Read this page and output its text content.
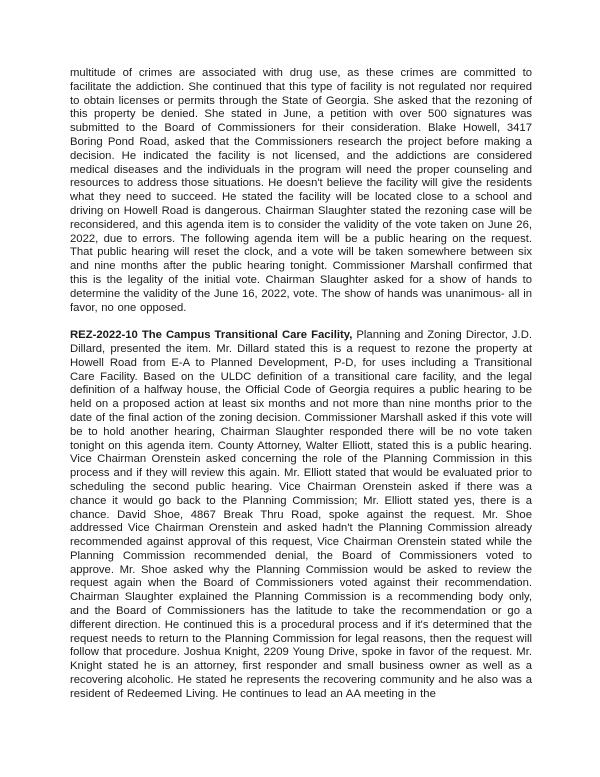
multitude of crimes are associated with drug use, as these crimes are committed to facilitate the addiction. She continued that this type of facility is not regulated nor required to obtain licenses or permits through the State of Georgia. She asked that the rezoning of this property be denied. She stated in June, a petition with over 500 signatures was submitted to the Board of Commissioners for their consideration. Blake Howell, 3417 Boring Pond Road, asked that the Commissioners research the project before making a decision. He indicated the facility is not licensed, and the addictions are considered medical diseases and the individuals in the program will need the proper counseling and resources to address those situations. He doesn't believe the facility will give the residents what they need to succeed. He stated the facility will be located close to a school and driving on Howell Road is dangerous. Chairman Slaughter stated the rezoning case will be reconsidered, and this agenda item is to consider the validity of the vote taken on June 26, 2022, due to errors. The following agenda item will be a public hearing on the request. That public hearing will reset the clock, and a vote will be taken somewhere between six and nine months after the public hearing tonight. Commissioner Marshall confirmed that this is the legality of the initial vote. Chairman Slaughter asked for a show of hands to determine the validity of the June 16, 2022, vote. The show of hands was unanimous- all in favor, no one opposed.

REZ-2022-10 The Campus Transitional Care Facility, Planning and Zoning Director, J.D. Dillard, presented the item. Mr. Dillard stated this is a request to rezone the property at Howell Road from E-A to Planned Development, P-D, for uses including a Transitional Care Facility. Based on the ULDC definition of a transitional care facility, and the legal definition of a halfway house, the Official Code of Georgia requires a public hearing to be held on a proposed action at least six months and not more than nine months prior to the date of the final action of the zoning decision. Commissioner Marshall asked if this vote will be to hold another hearing, Chairman Slaughter responded there will be no vote taken tonight on this agenda item. County Attorney, Walter Elliott, stated this is a public hearing. Vice Chairman Orenstein asked concerning the role of the Planning Commission in this process and if they will review this again. Mr. Elliott stated that would be evaluated prior to scheduling the second public hearing. Vice Chairman Orenstein asked if there was a chance it would go back to the Planning Commission; Mr. Elliott stated yes, there is a chance. David Shoe, 4867 Break Thru Road, spoke against the request. Mr. Shoe addressed Vice Chairman Orenstein and asked hadn't the Planning Commission already recommended against approval of this request, Vice Chairman Orenstein stated while the Planning Commission recommended denial, the Board of Commissioners voted to approve. Mr. Shoe asked why the Planning Commission would be asked to review the request again when the Board of Commissioners voted against their recommendation. Chairman Slaughter explained the Planning Commission is a recommending body only, and the Board of Commissioners has the latitude to take the recommendation or go a different direction. He continued this is a procedural process and if it's determined that the request needs to return to the Planning Commission for legal reasons, then the request will follow that procedure. Joshua Knight, 2209 Young Drive, spoke in favor of the request. Mr. Knight stated he is an attorney, first responder and small business owner as well as a recovering alcoholic. He stated he represents the recovering community and he also was a resident of Redeemed Living. He continues to lead an AA meeting in the
